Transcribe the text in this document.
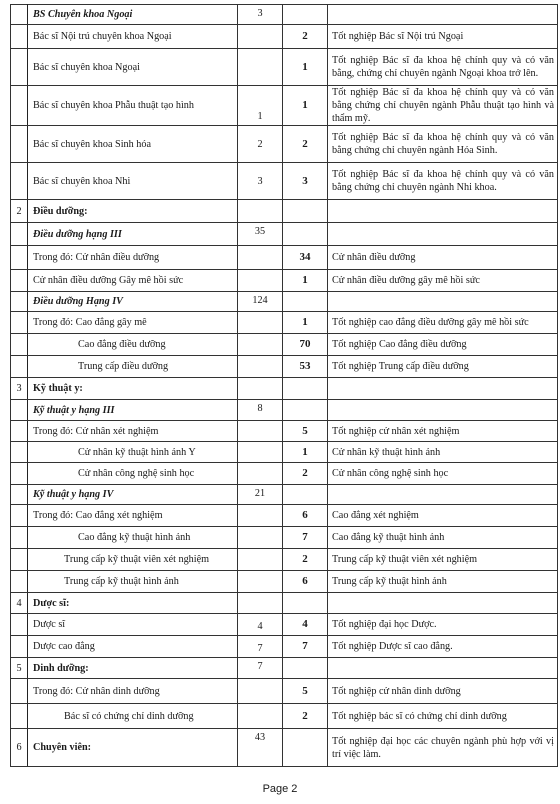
	BS Chuyên khoa Ngoại	3		
	Bác sĩ Nội trú chuyên khoa Ngoại		2	Tốt nghiệp Bác sĩ Nội trú Ngoại
	Bác sĩ chuyên khoa Ngoại		1	Tốt nghiệp Bác sĩ đa khoa hệ chính quy và có văn bằng, chứng chỉ chuyên ngành Ngoại khoa trở lên.
	Bác sĩ chuyên khoa Phẫu thuật tạo hình	1	1	Tốt nghiệp Bác sĩ đa khoa hệ chính quy và có văn bằng chứng chỉ chuyên ngành Phẫu thuật tạo hình và thẩm mỹ.
	Bác sĩ chuyên khoa Sinh hóa	2	2	Tốt nghiệp Bác sĩ đa khoa hệ chính quy và có văn bằng chứng chỉ chuyên ngành Hóa Sinh.
	Bác sĩ chuyên khoa Nhi	3	3	Tốt nghiệp Bác sĩ đa khoa hệ chính quy và có văn bằng chứng chỉ chuyên ngành Nhi khoa.
2	Điều dưỡng:			
	Điều dưỡng hạng III	35		
	Trong đó: Cử nhân điều dưỡng		34	Cử nhân điều dưỡng
	Cử nhân điều dưỡng Gây mê hồi sức		1	Cử nhân điều dưỡng gây mê hồi sức
	Điều dưỡng Hạng IV	124		
	Trong đó: Cao đẳng gây mê		1	Tốt nghiệp cao đẳng điều dưỡng gây mê hồi sức
	Cao đẳng điều dưỡng		70	Tốt nghiệp Cao đẳng điều dưỡng
	Trung cấp điều dưỡng		53	Tốt nghiệp Trung cấp điều dưỡng
3	Kỹ thuật y:			
	Kỹ thuật y hạng III	8		
	Trong đó: Cử nhân xét nghiệm		5	Tốt nghiệp cử nhân xét nghiệm
	Cử nhân kỹ thuật hình ảnh Y		1	Cử nhân kỹ thuật hình ảnh
	Cử nhân công nghệ sinh học		2	Cử nhân công nghệ sinh học
	Kỹ thuật y hạng IV	21		
	Trong đó: Cao đẳng xét nghiệm		6	Cao đẳng xét nghiệm
	Cao đẳng kỹ thuật hình ảnh		7	Cao đẳng kỹ thuật hình ảnh
	Trung cấp kỹ thuật viên xét nghiệm		2	Trung cấp kỹ thuật viên xét nghiệm
	Trung cấp kỹ thuật hình ảnh		6	Trung cấp kỹ thuật hình ảnh
4	Dược sĩ:			
	Dược sĩ	4	4	Tốt nghiệp đại học Dược.
	Dược cao đẳng	7	7	Tốt nghiệp Dược sĩ cao đẳng.
5	Dinh dưỡng:	7		
	Trong đó: Cử nhân dinh dưỡng		5	Tốt nghiệp cử nhân dinh dưỡng
	Bác sĩ có chứng chỉ dinh dưỡng		2	Tốt nghiệp bác sĩ có chứng chỉ dinh dưỡng
6	Chuyên viên:	43		Tốt nghiệp đại học các chuyên ngành phù hợp với vị trí việc làm.
Page 2
